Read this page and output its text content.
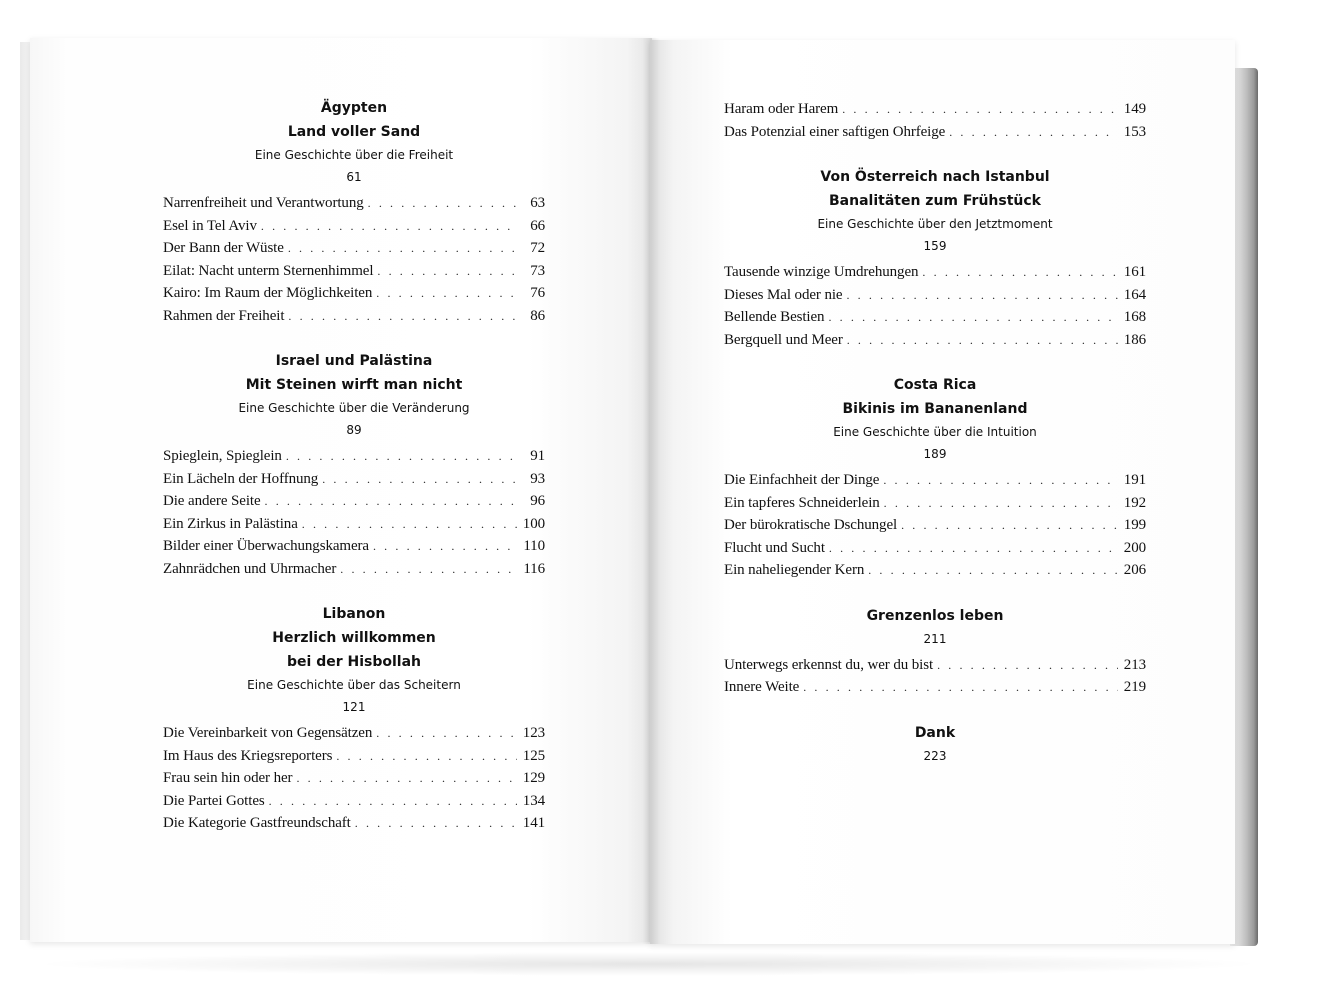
Ägypten
Land voller Sand
Eine Geschichte über die Freiheit
61
Narrenfreiheit und Verantwortung . . .	63
Esel in Tel Aviv . . .	66
Der Bann der Wüste . . .	72
Eilat: Nacht unterm Sternenhimmel . . .	73
Kairo: Im Raum der Möglichkeiten . . .	76
Rahmen der Freiheit . . .	86
Israel und Palästina
Mit Steinen wirft man nicht
Eine Geschichte über die Veränderung
89
Spieglein, Spieglein . . .	91
Ein Lächeln der Hoffnung . . .	93
Die andere Seite . . .	96
Ein Zirkus in Palästina . . .	100
Bilder einer Überwachungskamera . . .	110
Zahnrädchen und Uhrmacher . . .	116
Libanon
Herzlich willkommen
bei der Hisbollah
Eine Geschichte über das Scheitern
121
Die Vereinbarkeit von Gegensätzen . . .	123
Im Haus des Kriegsreporters . . .	125
Frau sein hin oder her . . .	129
Die Partei Gottes . . .	134
Die Kategorie Gastfreundschaft . . .	141
Haram oder Harem . . .	149
Das Potenzial einer saftigen Ohrfeige . . .	153
Von Österreich nach Istanbul
Banalitäten zum Frühstück
Eine Geschichte über den Jetztmoment
159
Tausende winzige Umdrehungen . . .	161
Dieses Mal oder nie . . .	164
Bellende Bestien . . .	168
Bergquell und Meer . . .	186
Costa Rica
Bikinis im Bananenland
Eine Geschichte über die Intuition
189
Die Einfachheit der Dinge . . .	191
Ein tapferes Schneiderlein . . .	192
Der bürokratische Dschungel . . .	199
Flucht und Sucht . . .	200
Ein naheliegender Kern . . .	206
Grenzenlos leben
211
Unterwegs erkennst du, wer du bist . . .	213
Innere Weite . . .	219
Dank
223
